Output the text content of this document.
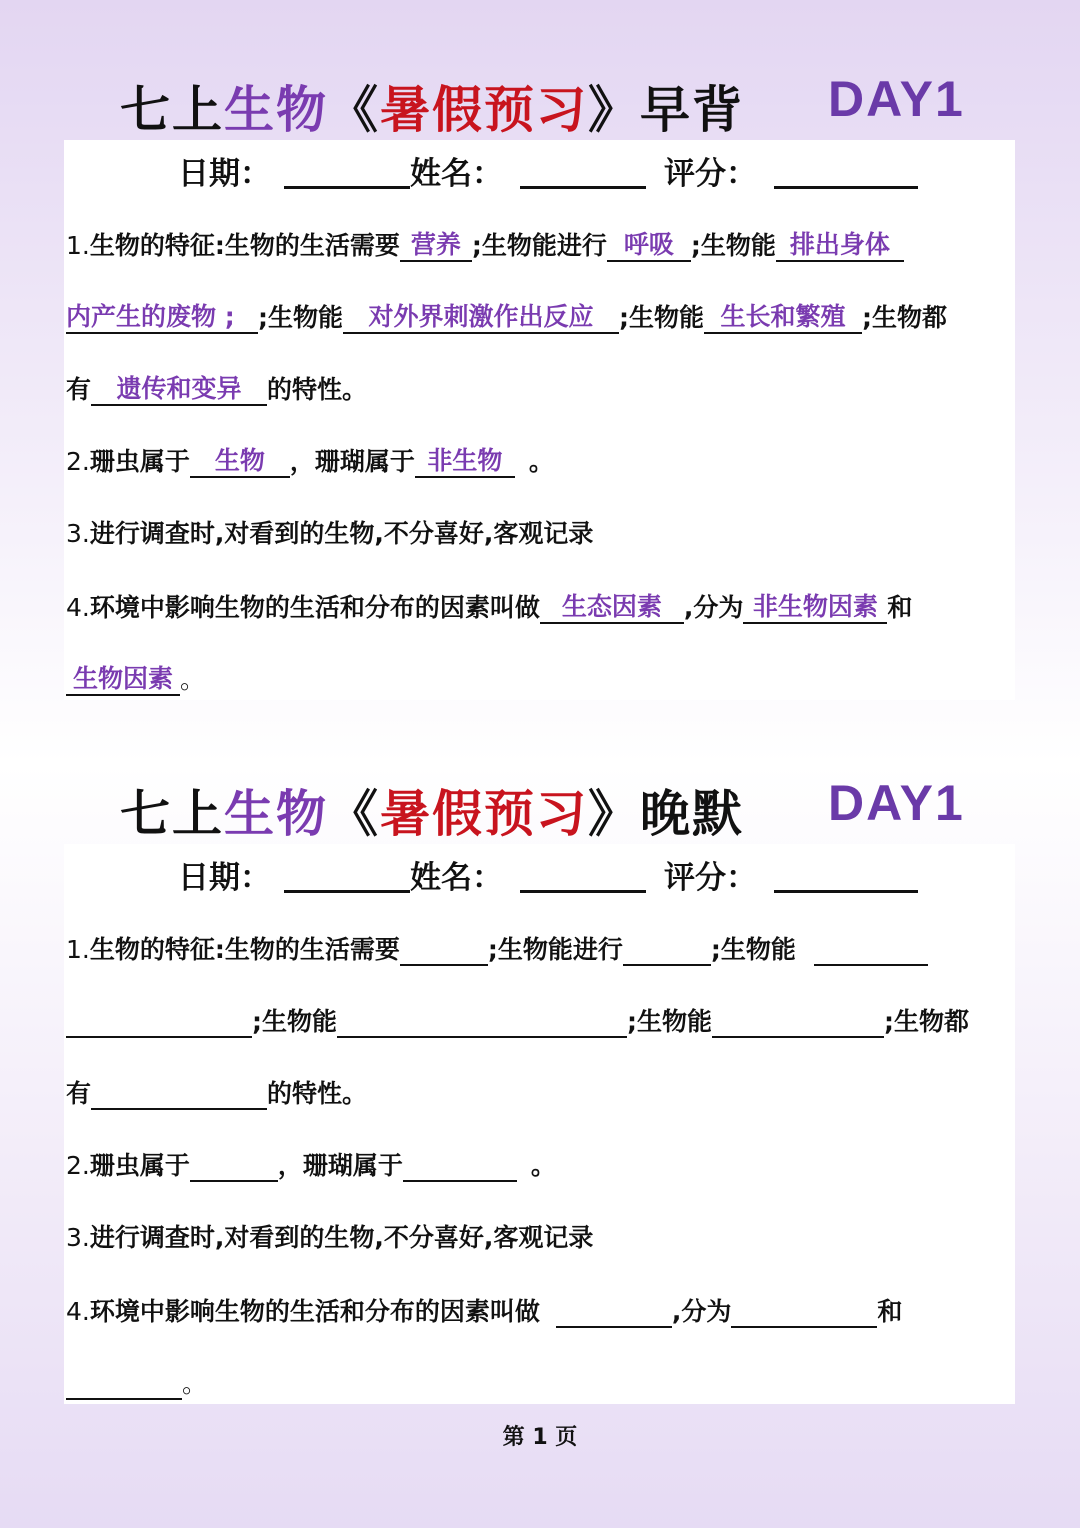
七上生物《暑假预习》早背 DAY1
日期：	姓名：	评分：
1.生物的特征:生物的生活需要 营养 ;生物能进行 呼吸 ;生物能 排出身体
内产生的废物 ; ;生物能 对外界刺激作出反应 ;生物能 生长和繁殖 ;生物都
有 遗传和变异 的特性。
2.珊虫属于 生物 ，珊瑚属于 非生物 。
3.进行调查时,对看到的生物,不分喜好,客观记录
4.环境中影响生物的生活和分布的因素叫做 生态因素 ,分为 非生物因素 和
生物因素 。
七上生物《暑假预习》晚默 DAY1
日期：	姓名：	评分：
1.生物的特征:生物的生活需要	;生物能进行	;生物能
;生物能	;生物能	;生物都
有	的特性。
2.珊虫属于	，珊瑚属于	。
3.进行调查时,对看到的生物,不分喜好,客观记录
4.环境中影响生物的生活和分布的因素叫做	,分为	和
。
第 1 页
